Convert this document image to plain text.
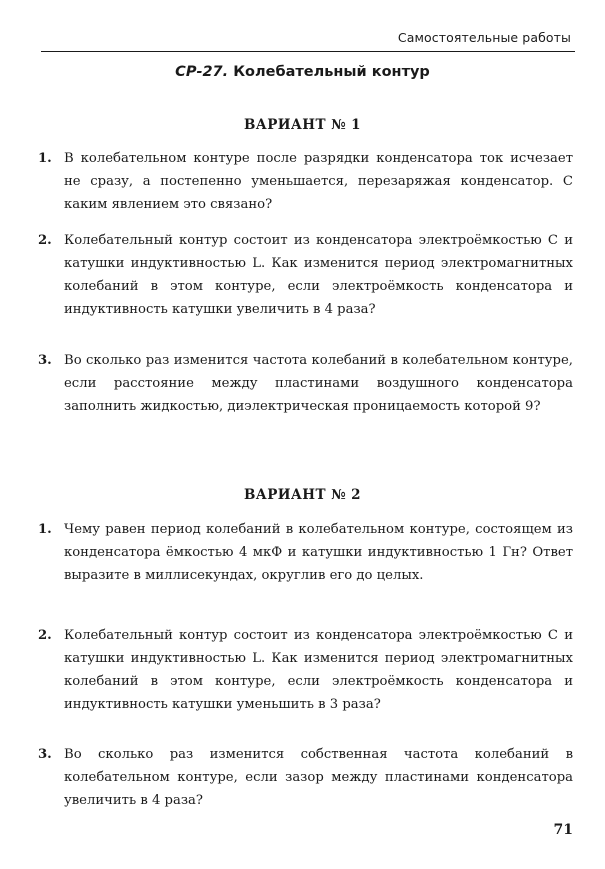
Самостоятельные работы
СР-27. Колебательный контур
ВАРИАНТ № 1
1. В колебательном контуре после разрядки конденсатора ток исчезает не сразу, а постепенно уменьшается, перезаряжая конденсатор. С каким явлением это связано?
2. Колебательный контур состоит из конденсатора электроёмкостью C и катушки индуктивностью L. Как изменится период электромагнитных колебаний в этом контуре, если электроёмкость конденсатора и индуктивность катушки увеличить в 4 раза?
3. Во сколько раз изменится частота колебаний в колебательном контуре, если расстояние между пластинами воздушного конденсатора заполнить жидкостью, диэлектрическая проницаемость которой 9?
ВАРИАНТ № 2
1. Чему равен период колебаний в колебательном контуре, состоящем из конденсатора ёмкостью 4 мкФ и катушки индуктивностью 1 Гн? Ответ выразите в миллисекундах, округлив его до целых.
2. Колебательный контур состоит из конденсатора электроёмкостью C и катушки индуктивностью L. Как изменится период электромагнитных колебаний в этом контуре, если электроёмкость конденсатора и индуктивность катушки уменьшить в 3 раза?
3. Во сколько раз изменится собственная частота колебаний в колебательном контуре, если зазор между пластинами конденсатора увеличить в 4 раза?
71
